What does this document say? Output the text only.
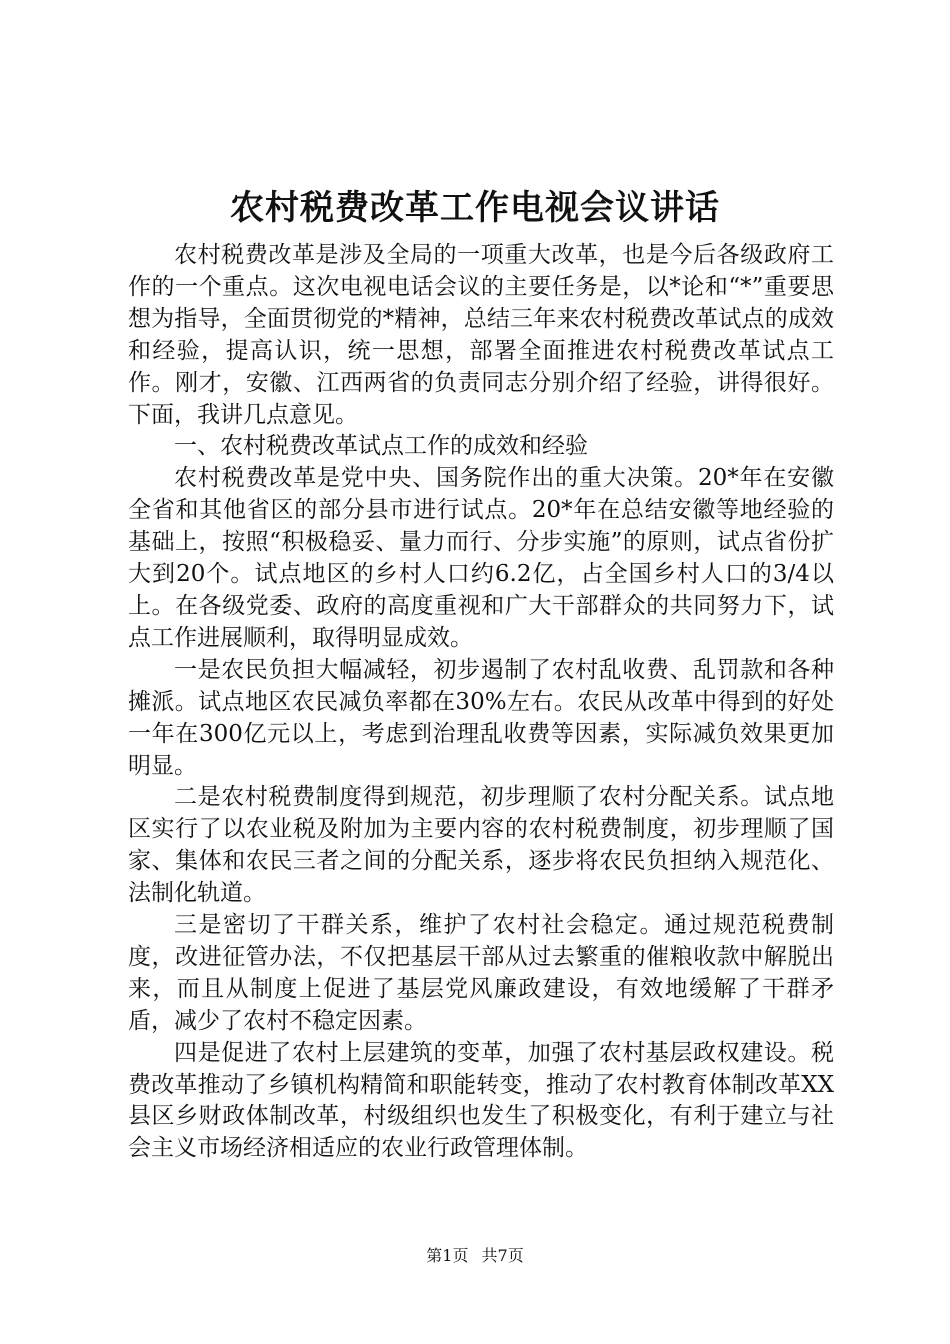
农村税费改革工作电视会议讲话

农村税费改革是涉及全局的一项重大改革，也是今后各级政府工作的一个重点。这次电视电话会议的主要任务是，以*论和“*”重要思想为指导，全面贯彻党的*精神，总结三年来农村税费改革试点的成效和经验，提高认识，统一思想，部署全面推进农村税费改革试点工作。刚才，安徽、江西两省的负责同志分别介绍了经验，讲得很好。下面，我讲几点意见。

一、农村税费改革试点工作的成效和经验

农村税费改革是党中央、国务院作出的重大决策。20*年在安徽全省和其他省区的部分县市进行试点。20*年在总结安徽等地经验的基础上，按照“积极稳妥、量力而行、分步实施”的原则，试点省份扩大到20个。试点地区的乡村人口约6.2亿，占全国乡村人口的3/4以上。在各级党委、政府的高度重视和广大干部群众的共同努力下，试点工作进展顺利，取得明显成效。

一是农民负担大幅减轻，初步遏制了农村乱收费、乱罚款和各种摊派。试点地区农民减负率都在30%左右。农民从改革中得到的好处一年在300亿元以上，考虑到治理乱收费等因素，实际减负效果更加明显。

二是农村税费制度得到规范，初步理顺了农村分配关系。试点地区实行了以农业税及附加为主要内容的农村税费制度，初步理顺了国家、集体和农民三者之间的分配关系，逐步将农民负担纳入规范化、法制化轨道。

三是密切了干群关系，维护了农村社会稳定。通过规范税费制度，改进征管办法，不仅把基层干部从过去繁重的催粮收款中解脱出来，而且从制度上促进了基层党风廉政建设，有效地缓解了干群矛盾，减少了农村不稳定因素。

四是促进了农村上层建筑的变革，加强了农村基层政权建设。税费改革推动了乡镇机构精简和职能转变，推动了农村教育体制改革XX县区乡财政体制改革，村级组织也发生了积极变化，有利于建立与社会主义市场经济相适应的农业行政管理体制。

第1页 共7页
